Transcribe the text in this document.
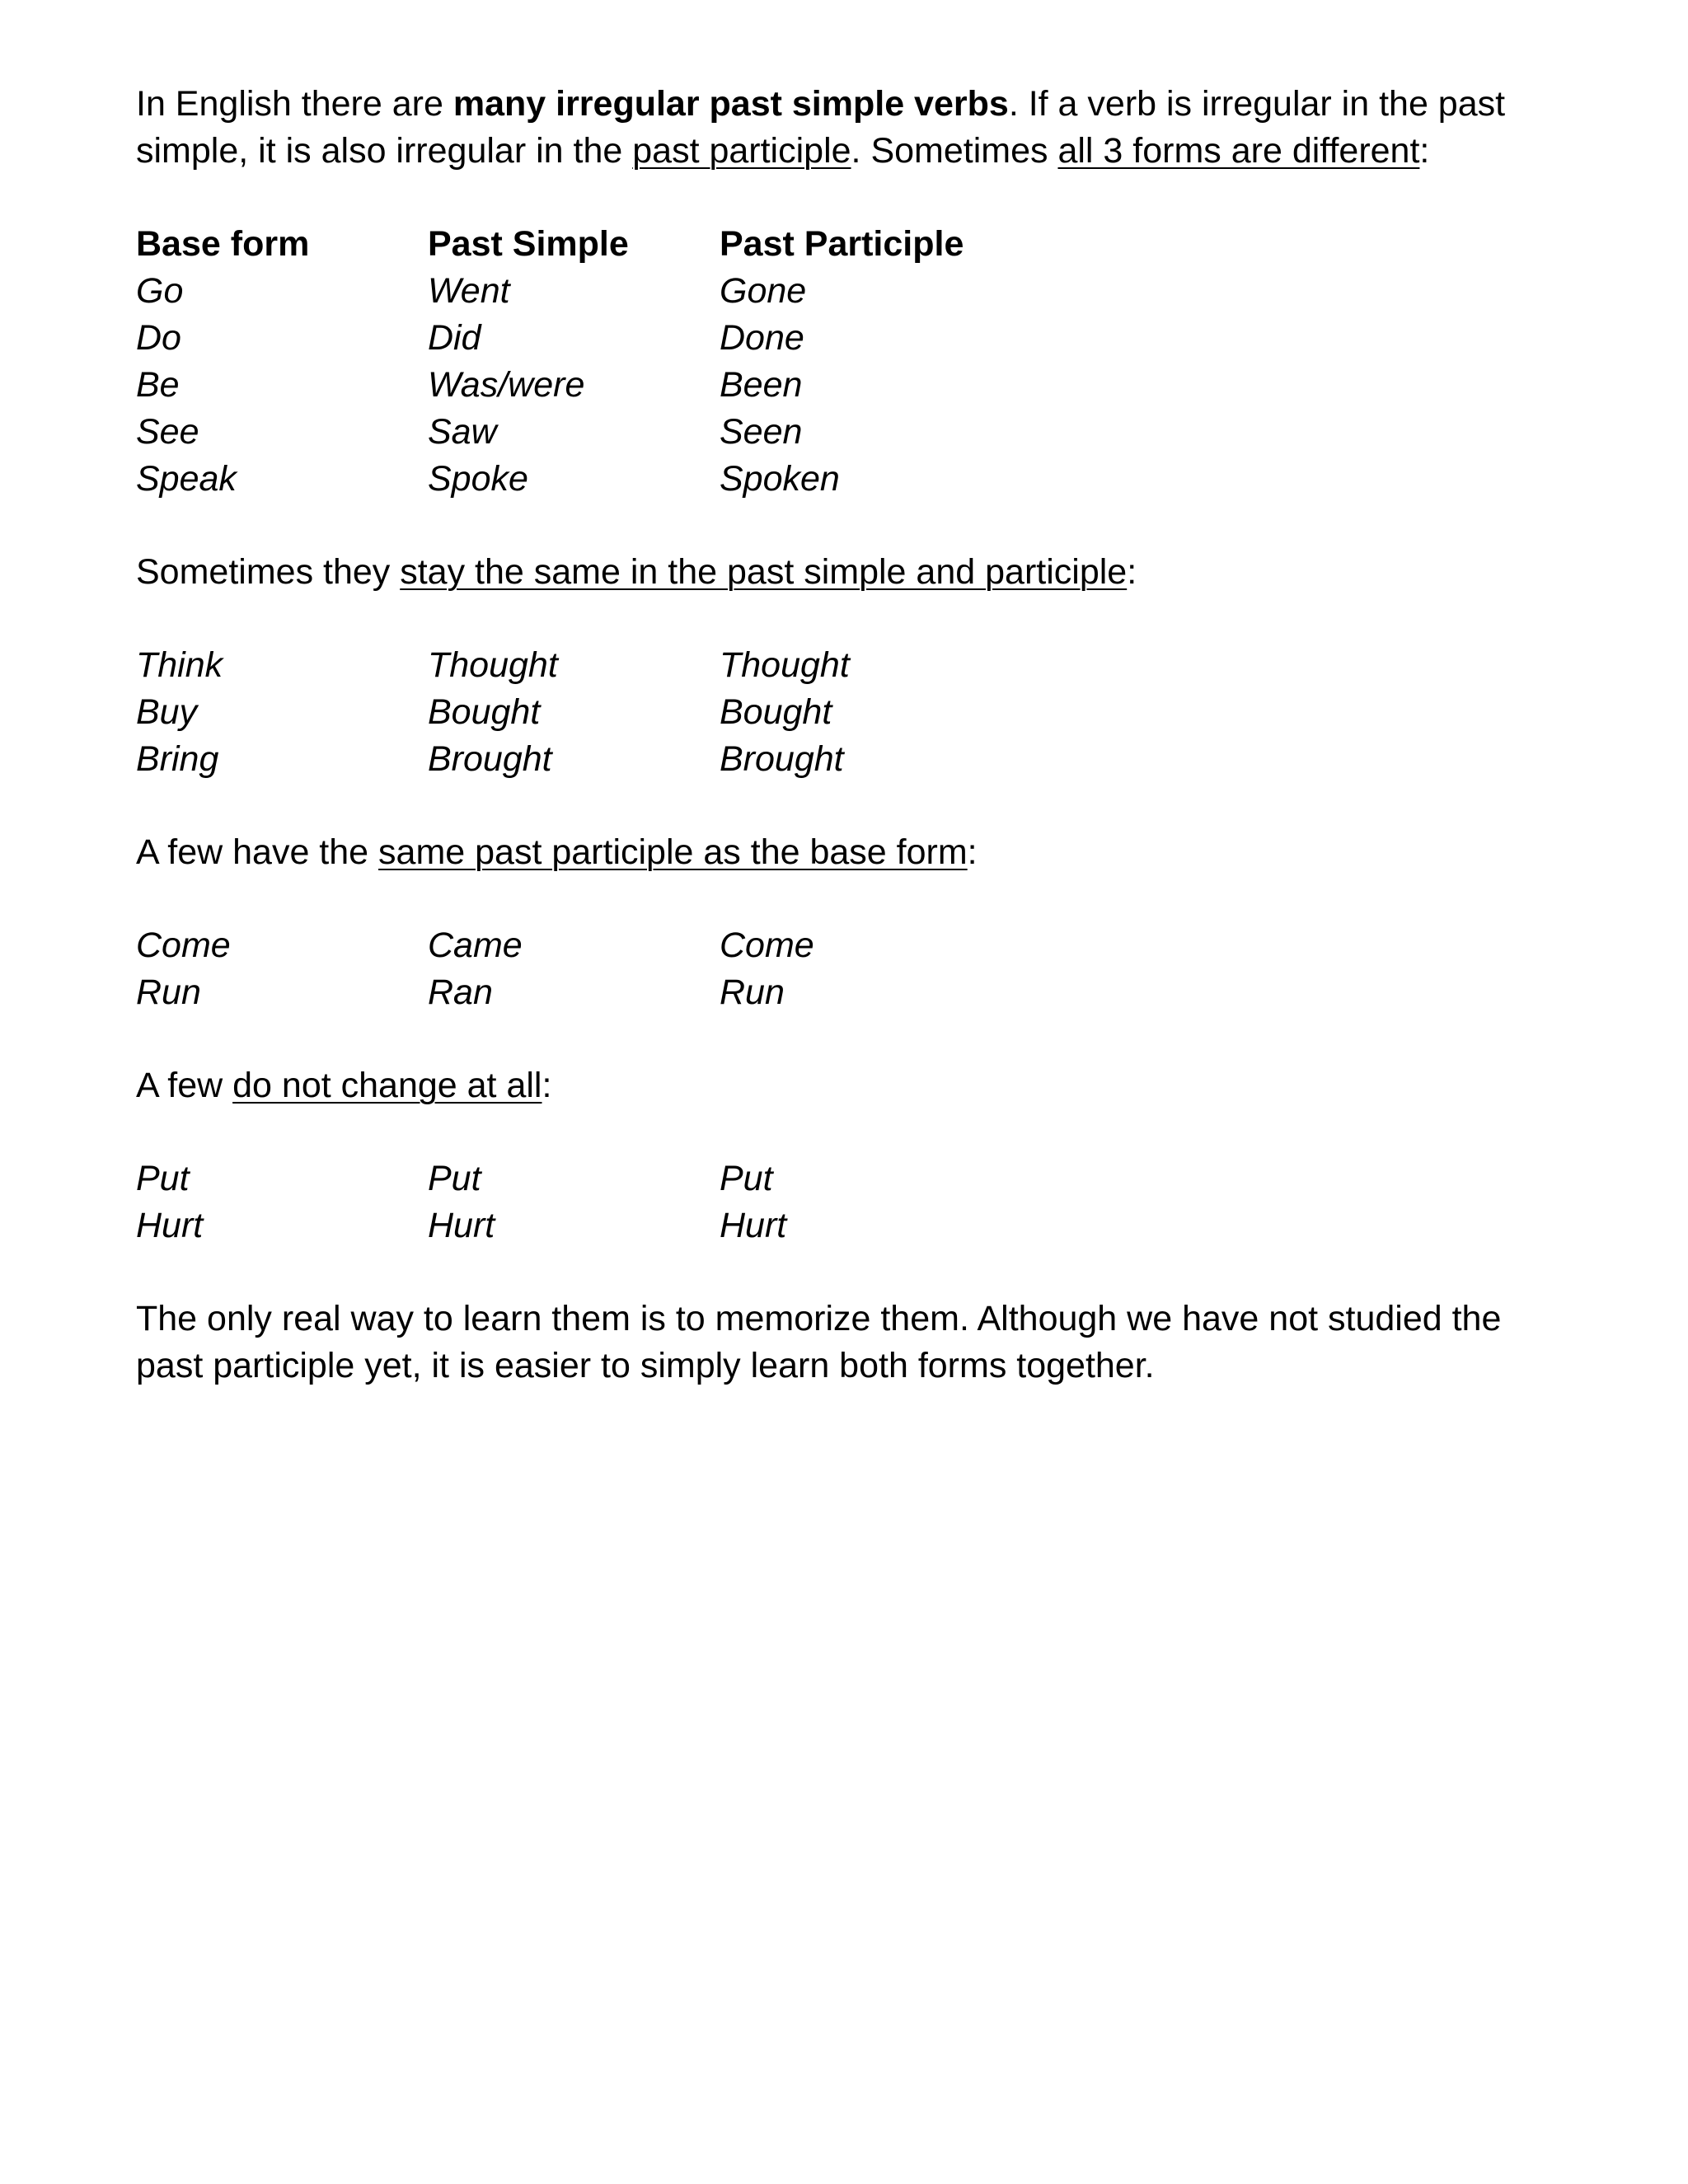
In English there are many irregular past simple verbs. If a verb is irregular in the past simple, it is also irregular in the past participle. Sometimes all 3 forms are different:

Base form	Past Simple	Past Participle
Go	Went	Gone
Do	Did	Done
Be	Was/were	Been
See	Saw	Seen
Speak	Spoke	Spoken

Sometimes they stay the same in the past simple and participle:

Think	Thought	Thought
Buy	Bought	Bought
Bring	Brought	Brought

A few have the same past participle as the base form:

Come	Came	Come
Run	Ran	Run

A few do not change at all:

Put	Put	Put
Hurt	Hurt	Hurt

The only real way to learn them is to memorize them. Although we have not studied the past participle yet, it is easier to simply learn both forms together.
